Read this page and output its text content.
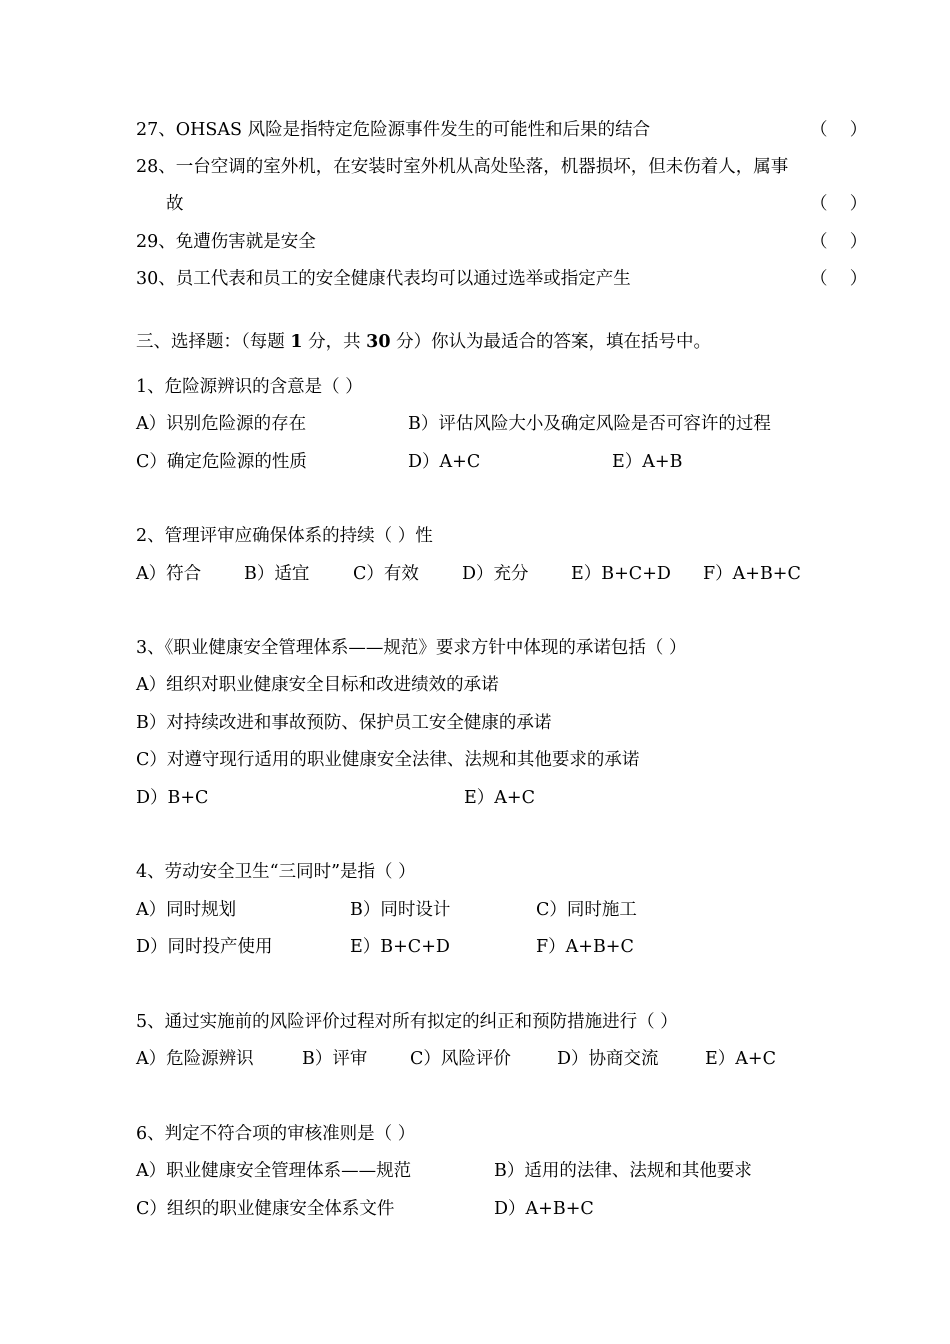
27、OHSAS 风险是指特定危险源事件发生的可能性和后果的结合	（    ）
28、一台空调的室外机，在安装时室外机从高处坠落，机器损坏，但未伤着人，属事
故	（    ）
29、免遭伤害就是安全	（    ）
30、员工代表和员工的安全健康代表均可以通过选举或指定产生	（    ）
三、选择题：（每题 1 分，共 30 分）你认为最适合的答案，填在括号中。
1、危险源辨识的含意是（ ）
A）识别危险源的存在	B）评估风险大小及确定风险是否可容许的过程
C）确定危险源的性质	D）A+C	E）A+B
2、管理评审应确保体系的持续（ ）性
A）符合 B）适宜 C）有效 D）充分 E）B+C+D F）A+B+C
3、《职业健康安全管理体系——规范》要求方针中体现的承诺包括（ ）
A）组织对职业健康安全目标和改进绩效的承诺
B）对持续改进和事故预防、保护员工安全健康的承诺
C）对遵守现行适用的职业健康安全法律、法规和其他要求的承诺
D）B+C	E）A+C
4、劳动安全卫生“三同时”是指（ ）
A）同时规划	B）同时设计	C）同时施工
D）同时投产使用	E）B+C+D	F）A+B+C
5、通过实施前的风险评价过程对所有拟定的纠正和预防措施进行（ ）
A）危险源辨识	B）评审 C）风险评价	D）协商交流	E）A+C
6、判定不符合项的审核准则是（ ）
A）职业健康安全管理体系——规范	B）适用的法律、法规和其他要求
C）组织的职业健康安全体系文件	D）A+B+C
